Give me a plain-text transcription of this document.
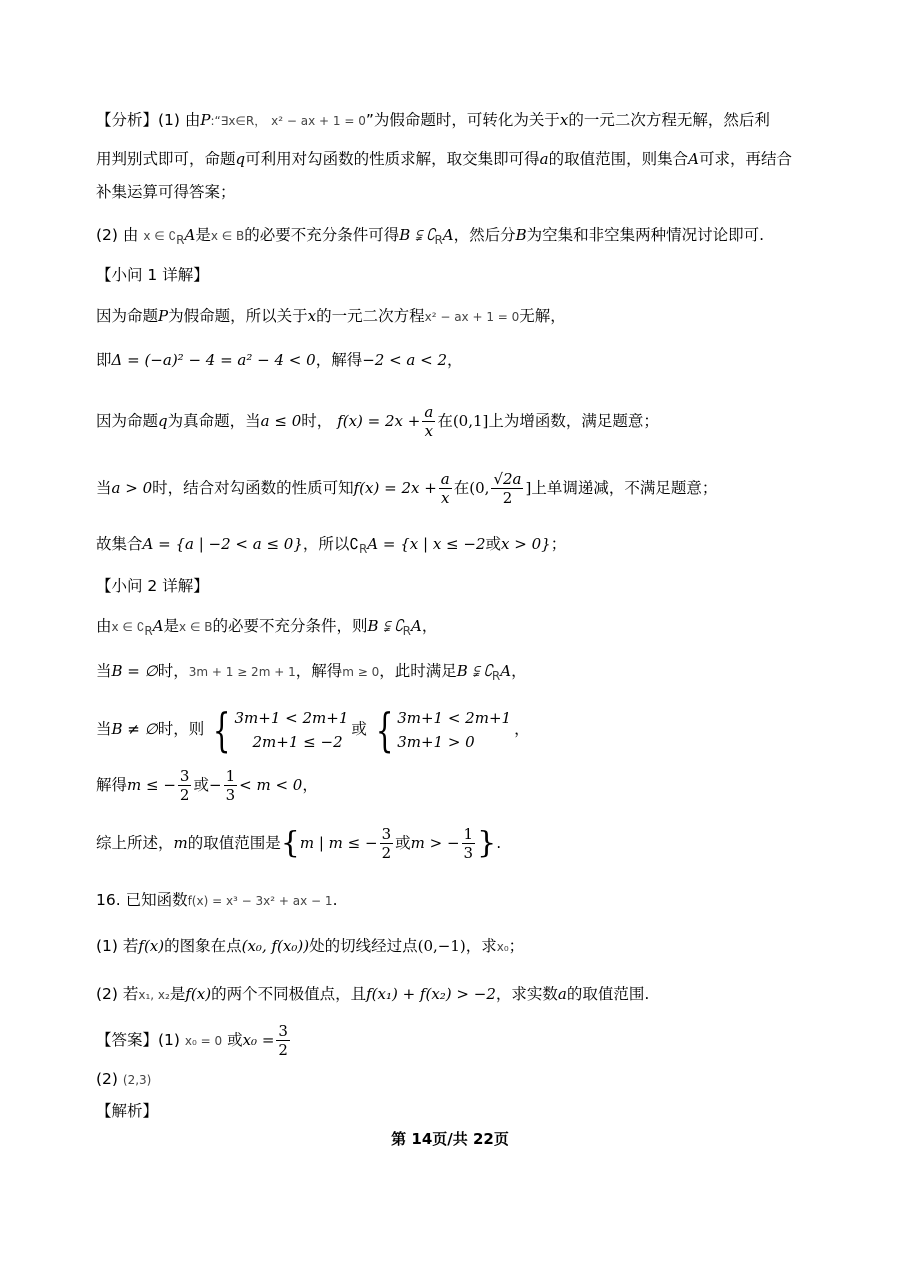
【分析】(1) 由P:“∃x∈R， x² − ax + 1 = 0”为假命题时，可转化为关于x的一元二次方程无解，然后利
用判别式即可，命题q可利用对勾函数的性质求解，取交集即可得a的取值范围，则集合A可求，再结合
补集运算可得答案；
(2) 由 x ∈ $∁_RA$是x ∈ B的必要不充分条件可得B ⫋ $∁_RA$，然后分B为空集和非空集两种情况讨论即可.
【小问 1 详解】
因为命题P为假命题，所以关于x的一元二次方程x² − ax + 1 = 0无解，
即Δ = (−a)² − 4 = a² − 4 < 0，解得−2 < a < 2，
因为命题q为真命题，当a ≤ 0时， $f(x) = 2x + \frac{a}{x}$ 在(0,1]上为增函数，满足题意；
当a > 0时，结合对勾函数的性质可知$f(x) = 2x + \frac{a}{x}$ 在(0, $\frac{√2a}{2}$ ]上单调递减，不满足题意；
故集合A = {a | −2 < a ≤ 0}，所以$∁_RA = \{x$ | x ≤ −2或x > 0}；
【小问 2 详解】
由x ∈ $∁_RA$是x ∈ B的必要不充分条件，则B ⫋ $∁_RA$，
当B = ∅时，3m + 1 ≥ 2m + 1，解得m ≥ 0，此时满足B ⫋ $∁_RA$，
当B ≠ ∅时，则 { 3m+1 < 2m+1
2m+1 ≤ −2
或 { 3m+1 < 2m+1
3m+1 > 0
，
解得m ≤ − $\frac{3}{2}$ 或− $\frac{1}{3} < m < 0$，
综上所述，m的取值范围是{m | m ≤ − $\frac{3}{2}$ 或m > − $\frac{1}{3}$ }.
16. 已知函数f(x) = x³ − 3x² + ax − 1.
(1) 若f(x)的图象在点(x₀, f(x₀))处的切线经过点(0,−1)，求x₀；
(2) 若x₁, x₂是f(x)的两个不同极值点，且f(x₁) + f(x₂) > −2，求实数a的取值范围.
【答案】(1) x₀ = 0 或$x_0 = \frac{3}{2}$
(2) (2,3)
【解析】
第 14页/共 22页
